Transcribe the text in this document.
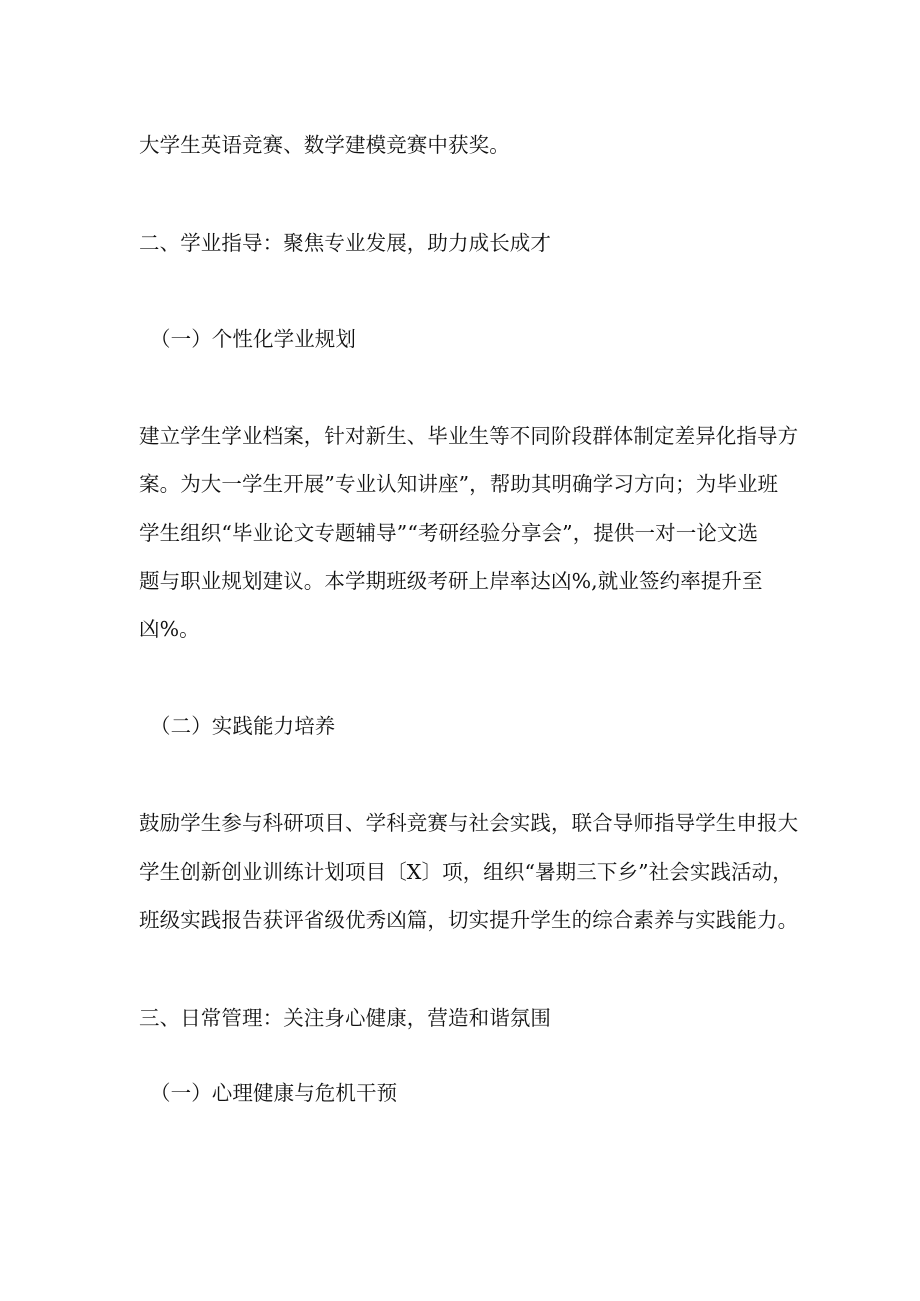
大学生英语竞赛、数学建模竞赛中获奖。
二、学业指导：聚焦专业发展，助力成长成才
（一）个性化学业规划
建立学生学业档案，针对新生、毕业生等不同阶段群体制定差异化指导方
案。为大一学生开展”专业认知讲座”，帮助其明确学习方向；为毕业班
学生组织“毕业论文专题辅导”“考研经验分享会”，提供一对一论文选
题与职业规划建议。本学期班级考研上岸率达凶%,就业签约率提升至
凶%。
（二）实践能力培养
鼓励学生参与科研项目、学科竞赛与社会实践，联合导师指导学生申报大
学生创新创业训练计划项目〔X〕项，组织“暑期三下乡”社会实践活动，
班级实践报告获评省级优秀凶篇，切实提升学生的综合素养与实践能力。
三、日常管理：关注身心健康，营造和谐氛围
（一）心理健康与危机干预
